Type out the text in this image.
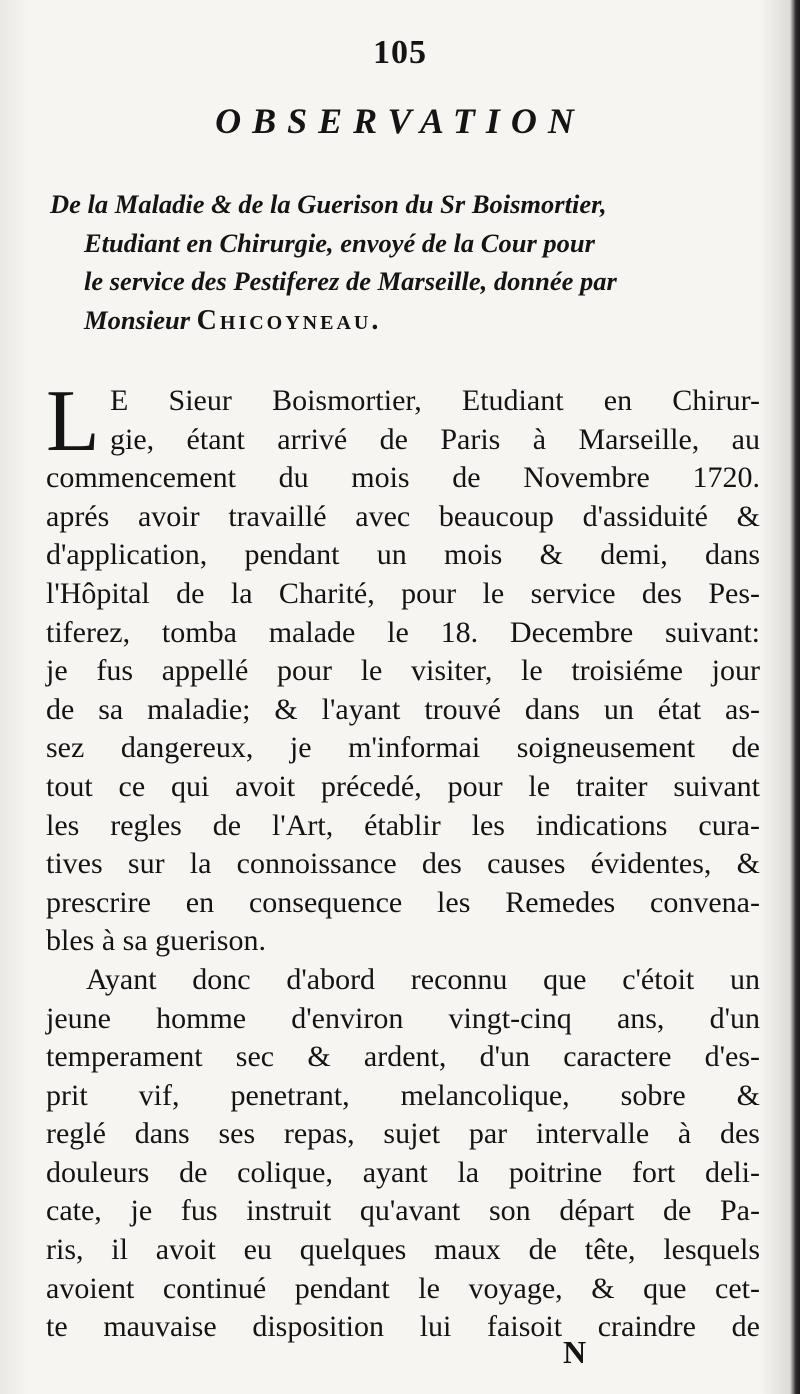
105
OBSERVATION
De la Maladie & de la Guerison du Sr Boismortier,
Etudiant en Chirurgie, envoyé de la Cour pour
le service des Pestiferez de Marseille, donnée par
Monsieur Chicoyneau.
L E Sieur Boismortier, Etudiant en Chirur-
gie, étant arrivé de Paris à Marseille, au
commencement du mois de Novembre 1720.
aprés avoir travaillé avec beaucoup d'assiduité &
d'application, pendant un mois & demi, dans
l'Hôpital de la Charité, pour le service des Pes-
tiferez, tomba malade le 18. Decembre suivant:
je fus appellé pour le visiter, le troisiéme jour
de sa maladie; & l'ayant trouvé dans un état as-
sez dangereux, je m'informai soigneusement de
tout ce qui avoit précedé, pour le traiter suivant
les regles de l'Art, établir les indications cura-
tives sur la connoissance des causes évidentes, &
prescrire en consequence les Remedes convena-
bles à sa guerison.
Ayant donc d'abord reconnu que c'étoit un
jeune homme d'environ vingt-cinq ans, d'un
temperament sec & ardent, d'un caractere d'es-
prit vif, penetrant, melancolique, sobre &
reglé dans ses repas, sujet par intervalle à des
douleurs de colique, ayant la poitrine fort deli-
cate, je fus instruit qu'avant son départ de Pa-
ris, il avoit eu quelques maux de tête, lesquels
avoient continué pendant le voyage, & que cet-
te mauvaise disposition lui faisoit craindre de
N
